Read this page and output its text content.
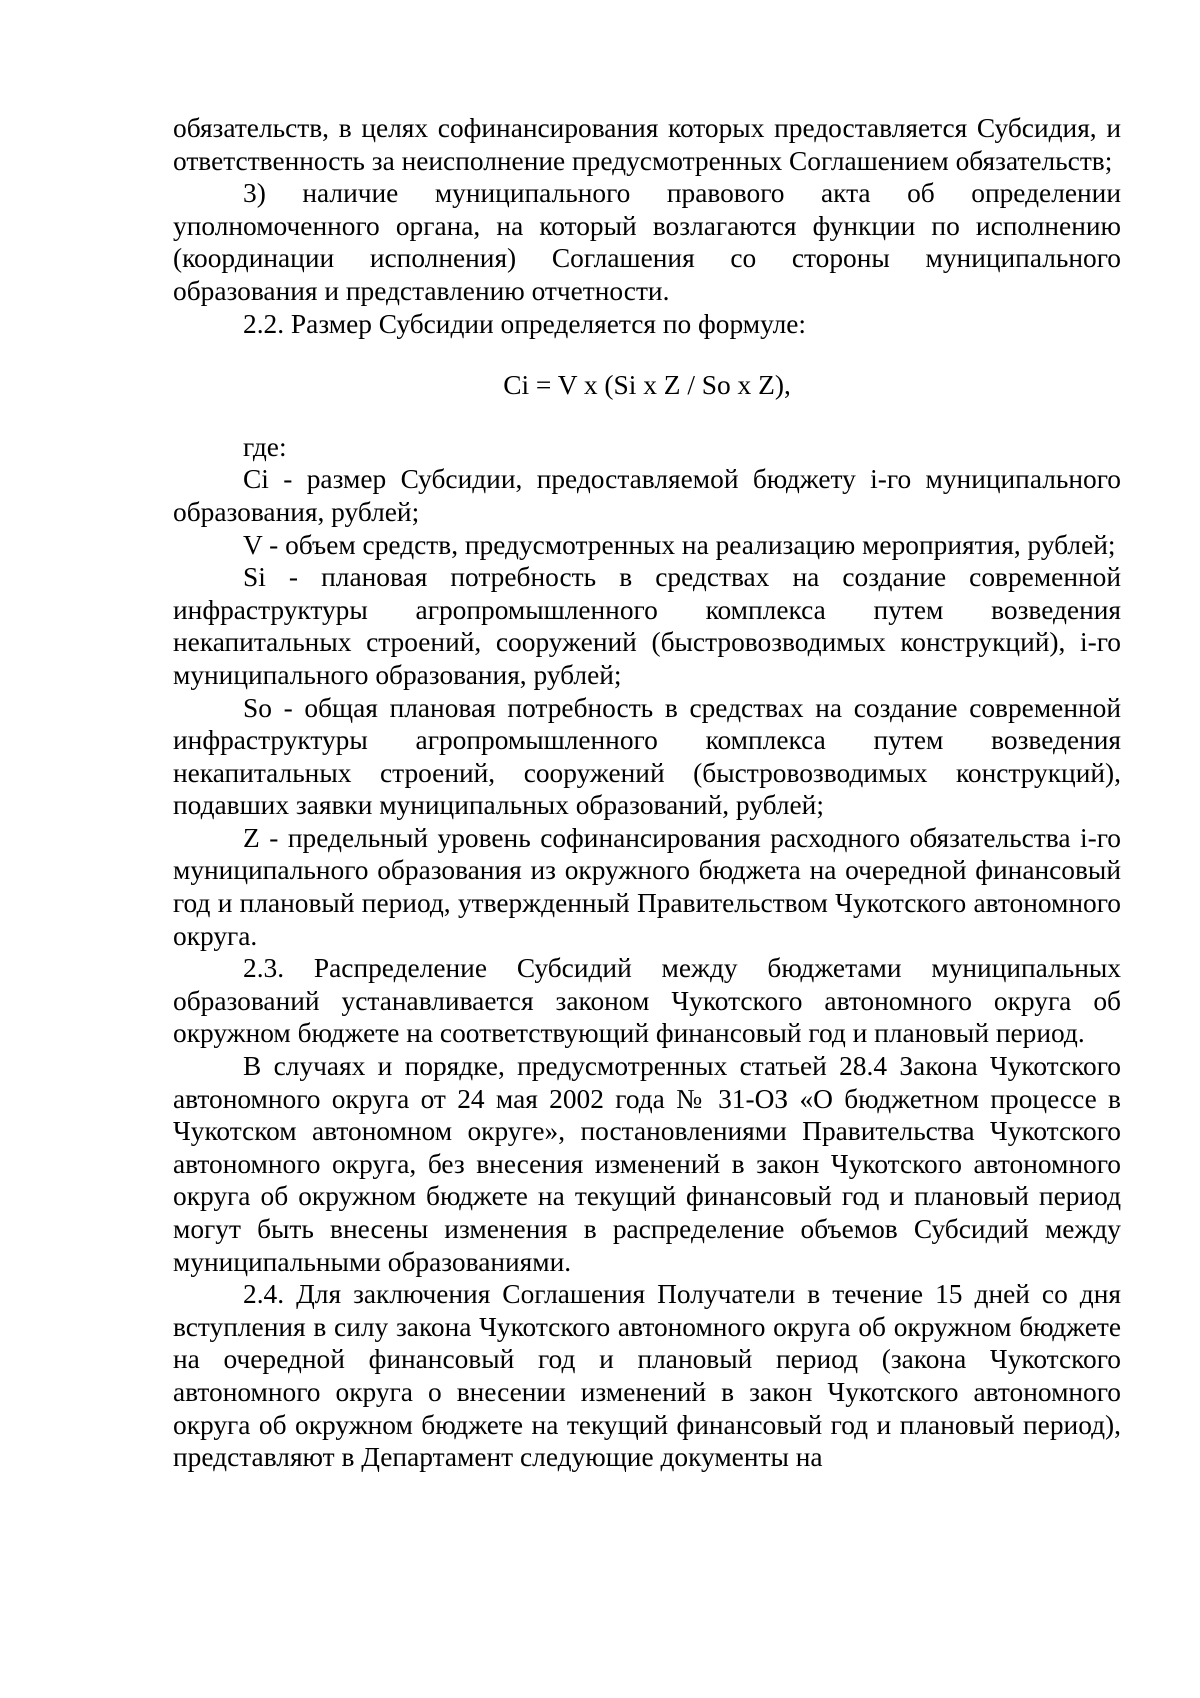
обязательств, в целях софинансирования которых предоставляется Субсидия, и ответственность за неисполнение предусмотренных Соглашением обязательств;

3) наличие муниципального правового акта об определении уполномоченного органа, на который возлагаются функции по исполнению (координации исполнения) Соглашения со стороны муниципального образования и представлению отчетности.

2.2. Размер Субсидии определяется по формуле:

Ci = V x (Si x Z / So x Z),

где:

Ci - размер Субсидии, предоставляемой бюджету i-го муниципального образования, рублей;

V - объем средств, предусмотренных на реализацию мероприятия, рублей;

Si - плановая потребность в средствах на создание современной инфраструктуры агропромышленного комплекса путем возведения некапитальных строений, сооружений (быстровозводимых конструкций), i-го муниципального образования, рублей;

So - общая плановая потребность в средствах на создание современной инфраструктуры агропромышленного комплекса путем возведения некапитальных строений, сооружений (быстровозводимых конструкций), подавших заявки муниципальных образований, рублей;

Z - предельный уровень софинансирования расходного обязательства i-го муниципального образования из окружного бюджета на очередной финансовый год и плановый период, утвержденный Правительством Чукотского автономного округа.

2.3. Распределение Субсидий между бюджетами муниципальных образований устанавливается законом Чукотского автономного округа об окружном бюджете на соответствующий финансовый год и плановый период.

В случаях и порядке, предусмотренных статьей 28.4 Закона Чукотского автономного округа от 24 мая 2002 года № 31-ОЗ «О бюджетном процессе в Чукотском автономном округе», постановлениями Правительства Чукотского автономного округа, без внесения изменений в закон Чукотского автономного округа об окружном бюджете на текущий финансовый год и плановый период могут быть внесены изменения в распределение объемов Субсидий между муниципальными образованиями.

2.4. Для заключения Соглашения Получатели в течение 15 дней со дня вступления в силу закона Чукотского автономного округа об окружном бюджете на очередной финансовый год и плановый период (закона Чукотского автономного округа о внесении изменений в закон Чукотского автономного округа об окружном бюджете на текущий финансовый год и плановый период), представляют в Департамент следующие документы на
